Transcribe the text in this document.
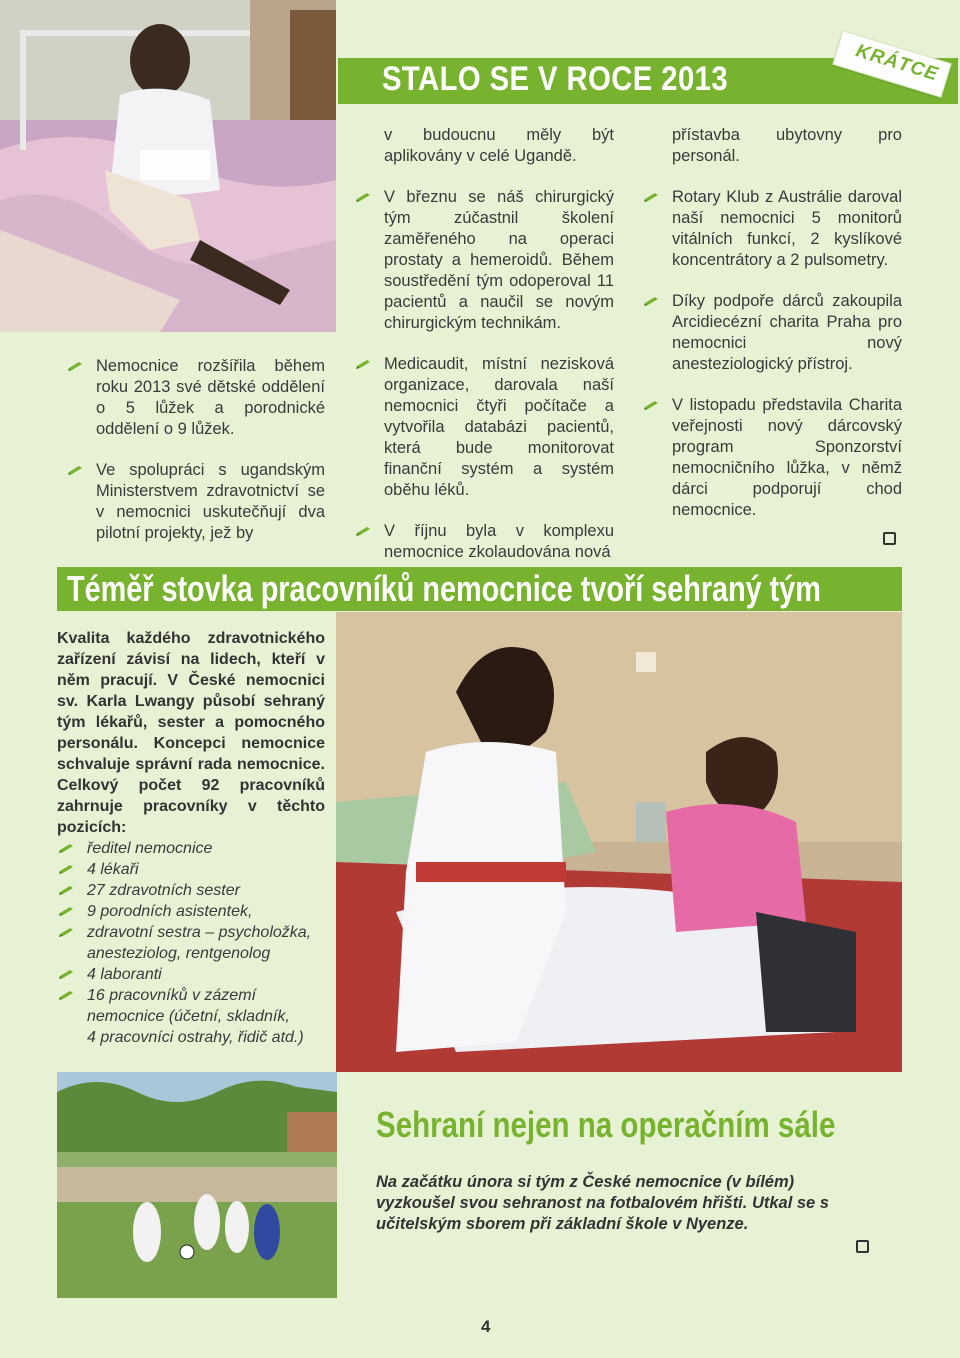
STALO SE V ROCE 2013	KRÁTCE

Nemocnice rozšířila během roku 2013 své dětské oddělení o 5 lůžek a porodnické oddělení o 9 lůžek.

Ve spolupráci s ugandským Ministerstvem zdravotnictví se v nemocnici uskutečňují dva pilotní projekty, jež by

v budoucnu měly být aplikovány v celé Ugandě.

V březnu se náš chirurgický tým zúčastnil školení zaměřeného na operaci prostaty a hemeroidů. Během soustředění tým odoperoval 11 pacientů a naučil se novým chirurgickým technikám.

Medicaudit, místní nezisková organizace, darovala naší nemocnici čtyři počítače a vytvořila databázi pacientů, která bude monitorovat finanční systém a systém oběhu léků.

V říjnu byla v komplexu nemocnice zkolaudována nová

přístavba ubytovny pro personál.

Rotary Klub z Austrálie daroval naší nemocnici 5 monitorů vitálních funkcí, 2 kyslíkové koncentrátory a 2 pulsometry.

Díky podpoře dárců zakoupila Arcidiecézní charita Praha pro nemocnici nový anesteziologický přístroj.

V listopadu představila Charita veřejnosti nový dárcovský program Sponzorství nemocničního lůžka, v němž dárci podporují chod nemocnice.

Téměř stovka pracovníků nemocnice tvoří sehraný tým

Kvalita každého zdravotnického zařízení závisí na lidech, kteří v něm pracují. V České nemocnici sv. Karla Lwangy působí sehraný tým lékařů, sester a pomocného personálu. Koncepci nemocnice schvaluje správní rada nemocnice. Celkový počet 92 pracovníků zahrnuje pracovníky v těchto pozicích:

ředitel nemocnice
4 lékaři
27 zdravotních sester
9 porodních asistentek,
zdravotní sestra – psycholožka,
anesteziolog, rentgenolog
4 laboranti
16 pracovníků v zázemí
nemocnice (účetní, skladník,
4 pracovníci ostrahy, řidič atd.)
Sehraní nejen na operačním sále

Na začátku února si tým z České nemocnice (v bílém) vyzkoušel svou sehranost na fotbalovém hřišti. Utkal se s učitelským sborem při základní škole v Nyenze.

4
